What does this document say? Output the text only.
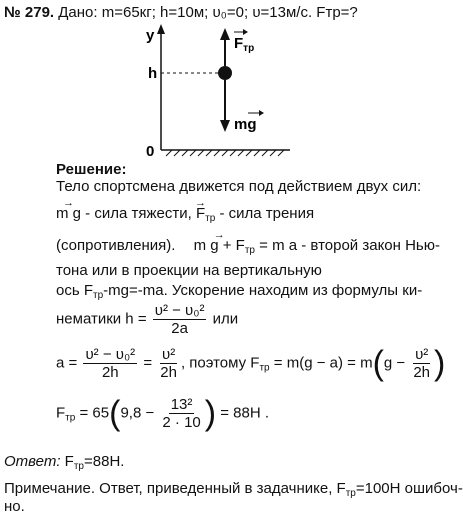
№ 279. Дано: m=65кг; h=10м; υ₀=0; υ=13м/с. Fтр=?
y
h
0
$F_{тр}$
mg
Решение:
Тело спортсмена движется под действием двух сил:
→ m g - сила тяжести, → $F_{тр}$ - сила трения
(сопротивления). → m $g + F_{тр} = m$ a - второй закон Нью-
тона или в проекции на вертикальную
ось $F_{тр}-mg=-ma$. Ускорение находим из формулы ки-
нематики $h = \frac{\text{υ² − υ₀²}}{2a}$ или
$a = \frac{\text{υ² − υ₀²}}{2h} = \frac{\text{υ²}}{2h}$ , поэтому $F_{тр} = m(g - a) = m(g - \frac{\text{υ²}}{2h}$ )
$F_{тр} = 65(9,8 - \frac{\text{13²}}{2 \cdot 10}$ ) = 88Н .
Ответ: $F_{тр}=88Н$.
Примечание. Ответ, приведенный в задачнике, $F_{тр}=100Н$ ошибоч-
но.
